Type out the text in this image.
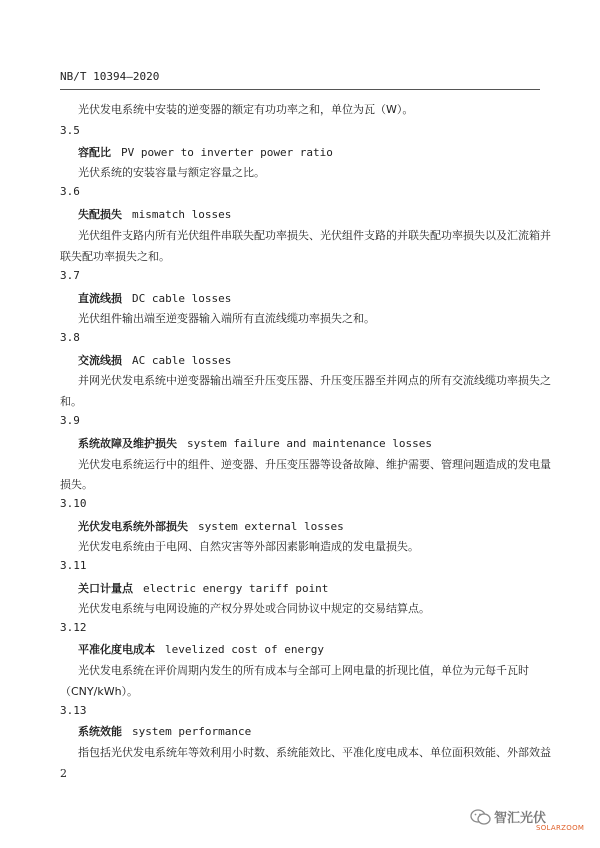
NB/T 10394—2020
光伏发电系统中安装的逆变器的额定有功功率之和，单位为瓦（W）。
3.5
容配比 PV power to inverter power ratio
光伏系统的安装容量与额定容量之比。
3.6
失配损失 mismatch losses
光伏组件支路内所有光伏组件串联失配功率损失、光伏组件支路的并联失配功率损失以及汇流箱并
联失配功率损失之和。
3.7
直流线损 DC cable losses
光伏组件输出端至逆变器输入端所有直流线缆功率损失之和。
3.8
交流线损 AC cable losses
并网光伏发电系统中逆变器输出端至升压变压器、升压变压器至并网点的所有交流线缆功率损失之
和。
3.9
系统故障及维护损失 system failure and maintenance losses
光伏发电系统运行中的组件、逆变器、升压变压器等设备故障、维护需要、管理问题造成的发电量
损失。
3.10
光伏发电系统外部损失 system external losses
光伏发电系统由于电网、自然灾害等外部因素影响造成的发电量损失。
3.11
关口计量点 electric energy tariff point
光伏发电系统与电网设施的产权分界处或合同协议中规定的交易结算点。
3.12
平准化度电成本 levelized cost of energy
光伏发电系统在评价周期内发生的所有成本与全部可上网电量的折现比值，单位为元每千瓦时
（CNY/kWh）。
3.13
系统效能 system performance
指包括光伏发电系统年等效利用小时数、系统能效比、平准化度电成本、单位面积效能、外部效益
2
智汇光伏
SOLARZOOM
